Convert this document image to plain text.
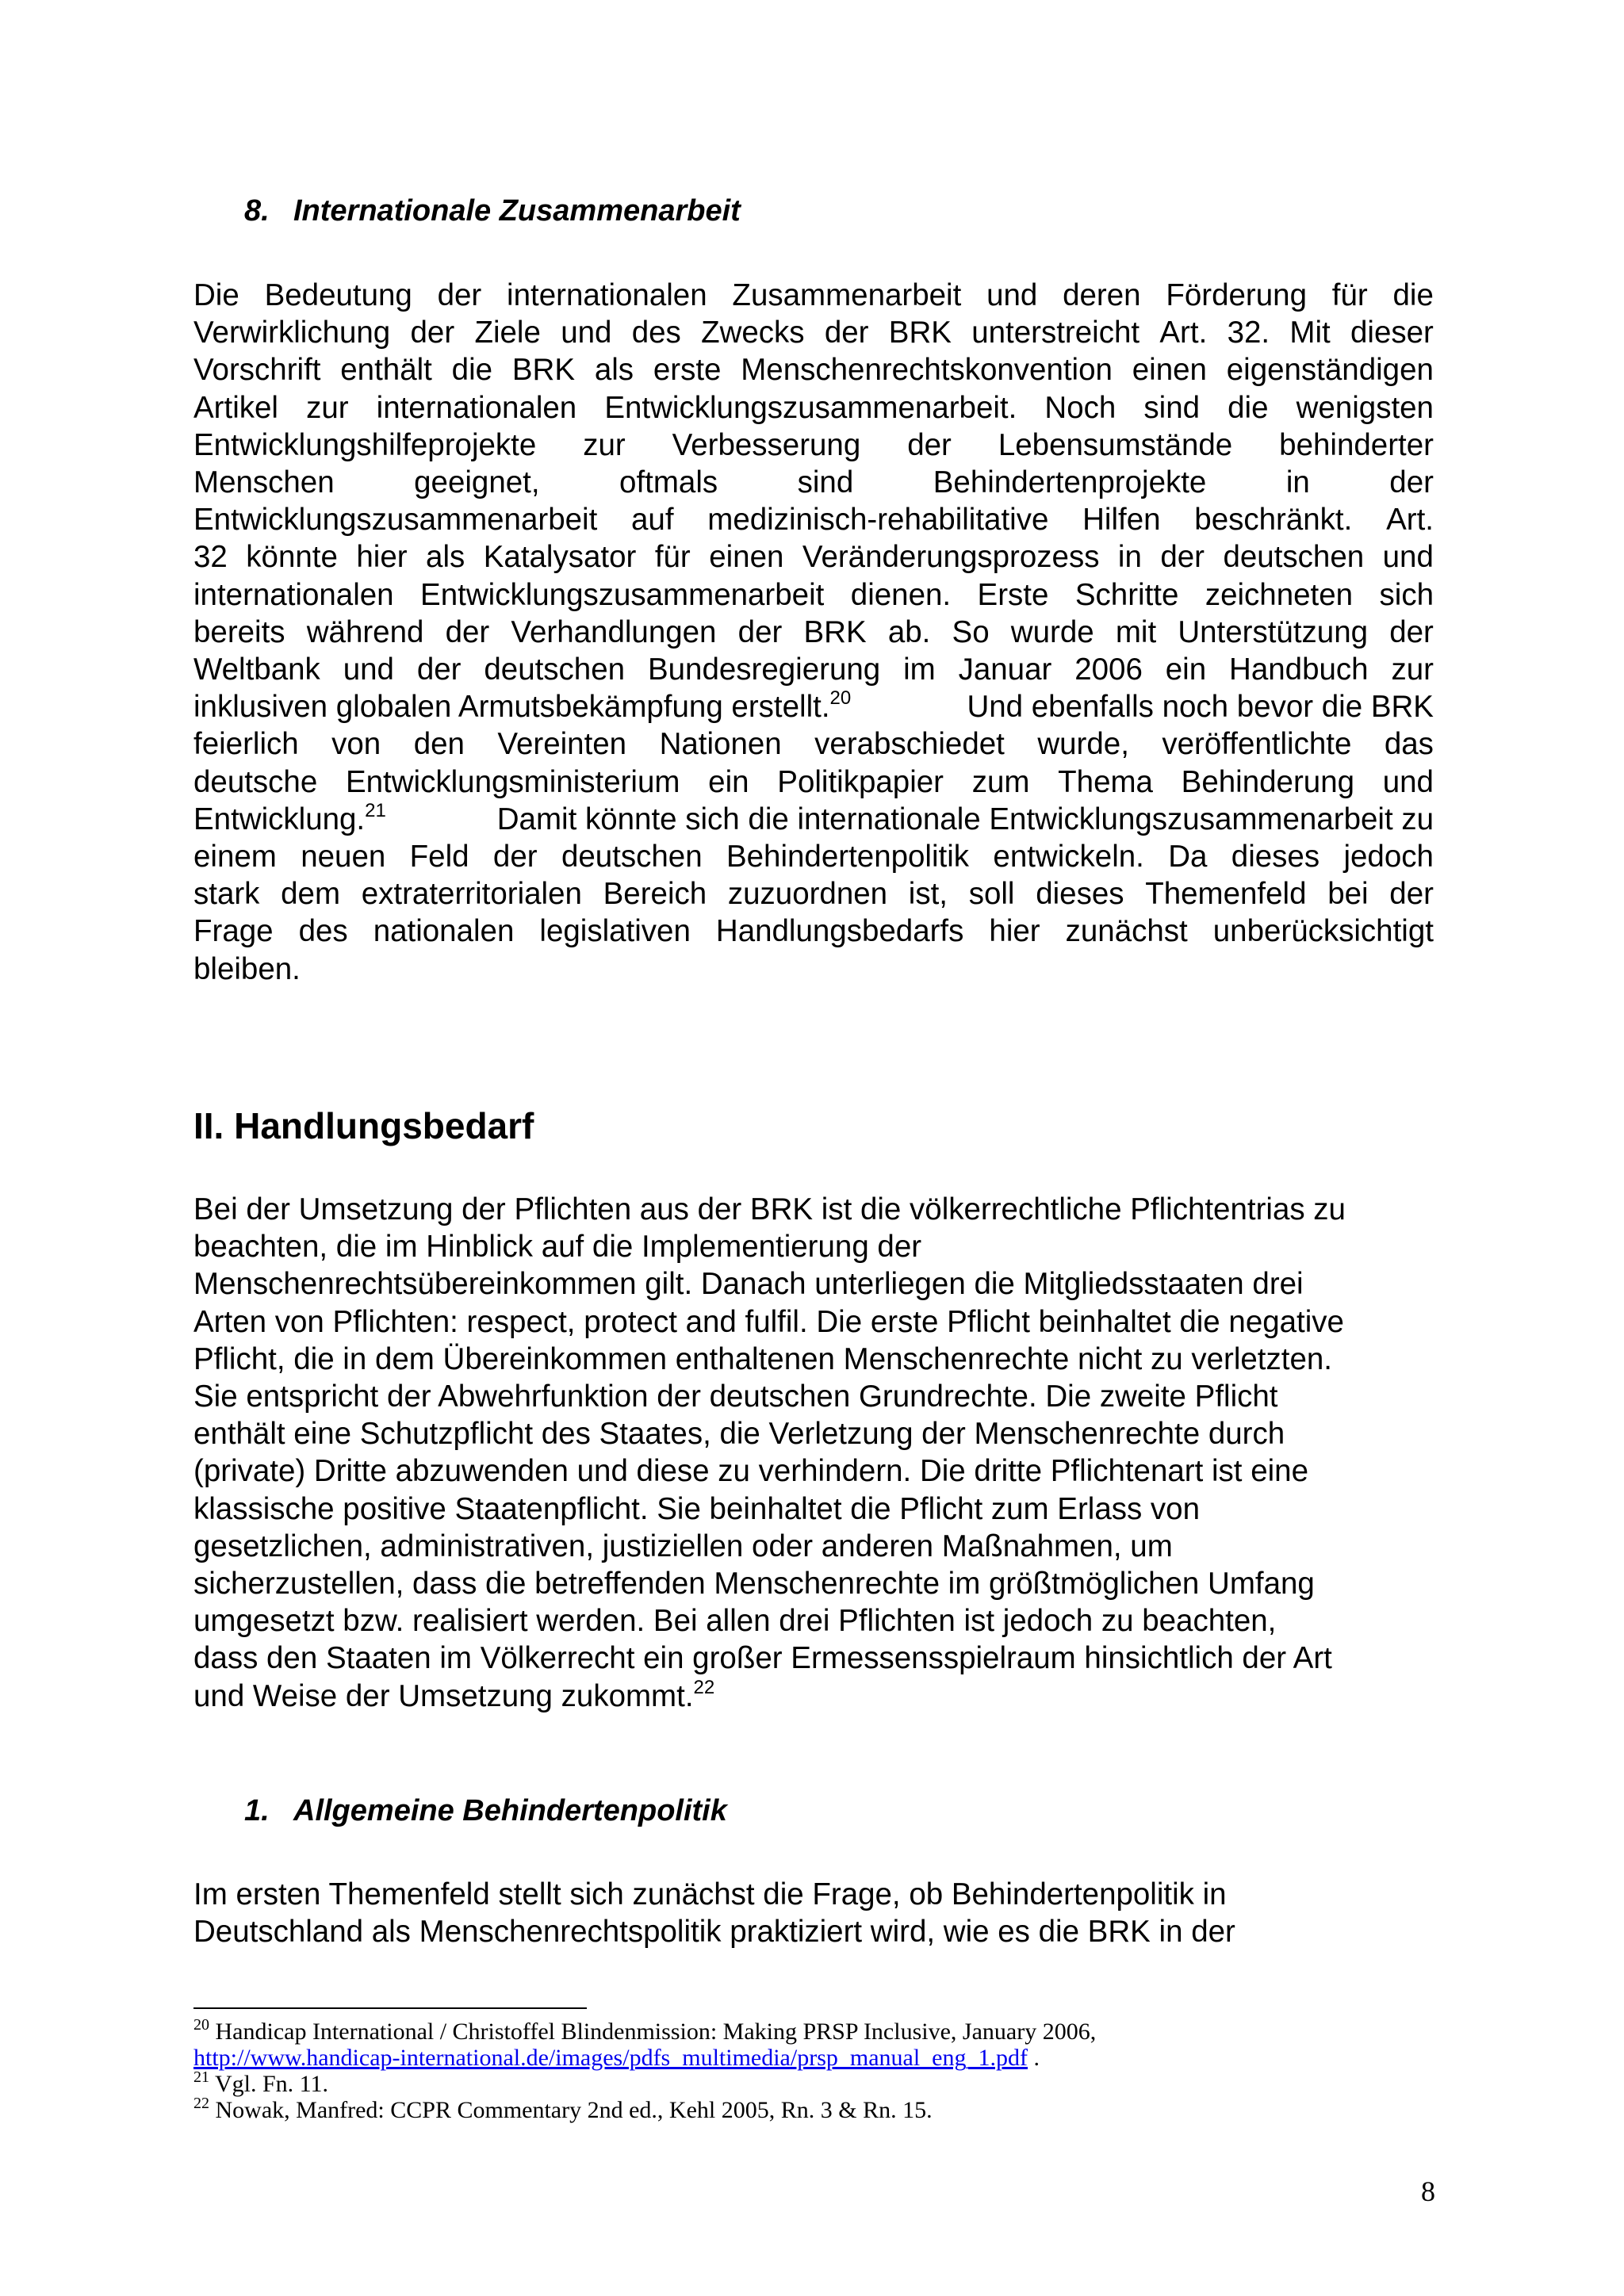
8. Internationale Zusammenarbeit

Die Bedeutung der internationalen Zusammenarbeit und deren Förderung für die
Verwirklichung der Ziele und des Zwecks der BRK unterstreicht Art. 32. Mit dieser
Vorschrift enthält die BRK als erste Menschenrechtskonvention einen eigenständigen
Artikel zur internationalen Entwicklungszusammenarbeit. Noch sind die wenigsten
Entwicklungshilfeprojekte zur Verbesserung der Lebensumstände behinderter
Menschen	geeignet,	oftmals	sind	Behindertenprojekte	in	der
Entwicklungszusammenarbeit auf medizinisch-rehabilitative Hilfen beschränkt. Art.
32 könnte hier als Katalysator für einen Veränderungsprozess in der deutschen und
internationalen Entwicklungszusammenarbeit dienen. Erste Schritte zeichneten sich
bereits während der Verhandlungen der BRK ab. So wurde mit Unterstützung der
Weltbank und der deutschen Bundesregierung im Januar 2006 ein Handbuch zur
inklusiven globalen Armutsbekämpfung erstellt.$^{20}$	Und ebenfalls noch bevor die BRK
feierlich von den Vereinten Nationen verabschiedet wurde, veröffentlichte das
deutsche Entwicklungsministerium ein Politikpapier zum Thema Behinderung und
Entwicklung.$^{21}$	Damit könnte sich die internationale Entwicklungszusammenarbeit zu
einem neuen Feld der deutschen Behindertenpolitik entwickeln. Da dieses jedoch
stark dem extraterritorialen Bereich zuzuordnen ist, soll dieses Themenfeld bei der
Frage des nationalen legislativen Handlungsbedarfs hier zunächst unberücksichtigt
bleiben.

II. Handlungsbedarf

Bei der Umsetzung der Pflichten aus der BRK ist die völkerrechtliche Pflichtentrias zu
beachten, die im Hinblick auf die Implementierung der
Menschenrechtsübereinkommen gilt. Danach unterliegen die Mitgliedsstaaten drei
Arten von Pflichten: respect, protect and fulfil. Die erste Pflicht beinhaltet die negative
Pflicht, die in dem Übereinkommen enthaltenen Menschenrechte nicht zu verletzten.
Sie entspricht der Abwehrfunktion der deutschen Grundrechte. Die zweite Pflicht
enthält eine Schutzpflicht des Staates, die Verletzung der Menschenrechte durch
(private) Dritte abzuwenden und diese zu verhindern. Die dritte Pflichtenart ist eine
klassische positive Staatenpflicht. Sie beinhaltet die Pflicht zum Erlass von
gesetzlichen, administrativen, justiziellen oder anderen Maßnahmen, um
sicherzustellen, dass die betreffenden Menschenrechte im größtmöglichen Umfang
umgesetzt bzw. realisiert werden. Bei allen drei Pflichten ist jedoch zu beachten,
dass den Staaten im Völkerrecht ein großer Ermessensspielraum hinsichtlich der Art
und Weise der Umsetzung zukommt.$^{22}$

1. Allgemeine Behindertenpolitik

Im ersten Themenfeld stellt sich zunächst die Frage, ob Behindertenpolitik in
Deutschland als Menschenrechtspolitik praktiziert wird, wie es die BRK in der

$^{20}$ Handicap International / Christoffel Blindenmission: Making PRSP Inclusive, January 2006,
http://www.handicap-international.de/images/pdfs_multimedia/prsp_manual_eng_1.pdf .
$^{21}$ Vgl. Fn. 11.
$^{22}$ Nowak, Manfred: CCPR Commentary 2nd ed., Kehl 2005, Rn. 3 & Rn. 15.
8
